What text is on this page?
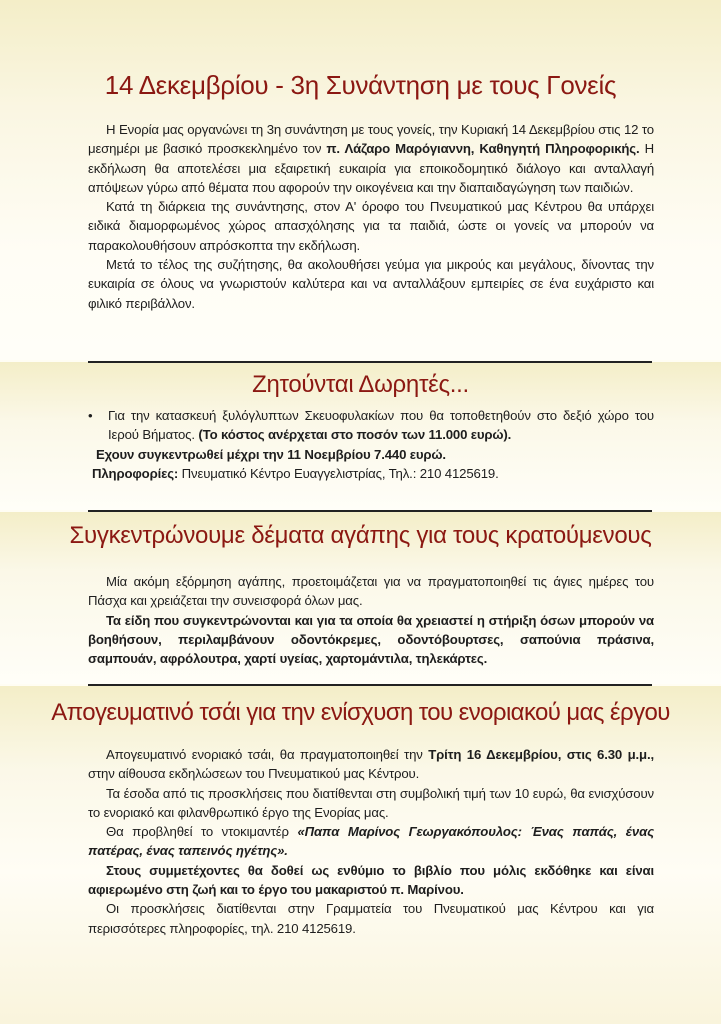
14 Δεκεμβρίου - 3η Συνάντηση με τους Γονείς

Η Ενορία μας οργανώνει τη 3η συνάντηση με τους γονείς, την Κυριακή 14 Δεκεμβρίου στις 12 το μεσημέρι με βασικό προσκεκλημένο τον π. Λάζαρο Μαρόγιαννη, Καθηγητή Πληροφορικής. Η εκδήλωση θα αποτελέσει μια εξαιρετική ευκαιρία για εποικοδομητικό διάλογο και ανταλλαγή απόψεων γύρω από θέματα που αφορούν την οικογένεια και την διαπαιδαγώγηση των παιδιών.

Κατά τη διάρκεια της συνάντησης, στον Α' όροφο του Πνευματικού μας Κέντρου θα υπάρχει ειδικά διαμορφωμένος χώρος απασχόλησης για τα παιδιά, ώστε οι γονείς να μπορούν να παρακολουθήσουν απρόσκοπτα την εκδήλωση.

Μετά το τέλος της συζήτησης, θα ακολουθήσει γεύμα για μικρούς και μεγάλους, δίνοντας την ευκαιρία σε όλους να γνωριστούν καλύτερα και να ανταλλάξουν εμπειρίες σε ένα ευχάριστο και φιλικό περιβάλλον.

Ζητούνται Δωρητές...

• Για την κατασκευή ξυλόγλυπτων Σκευοφυλακίων που θα τοποθετηθούν στο δεξιό χώρο του Ιερού Βήματος. (Το κόστος ανέρχεται στο ποσόν των 11.000 ευρώ).

Εχουν συγκεντρωθεί μέχρι την 11 Νοεμβρίου 7.440 ευρώ.

Πληροφορίες: Πνευματικό Κέντρο Ευαγγελιστρίας, Τηλ.: 210 4125619.

Συγκεντρώνουμε δέματα αγάπης για τους κρατούμενους

Μία ακόμη εξόρμηση αγάπης, προετοιμάζεται για να πραγματοποιηθεί τις άγιες ημέρες του Πάσχα και χρειάζεται την συνεισφορά όλων μας.

Τα είδη που συγκεντρώνονται και για τα οποία θα χρειαστεί η στήριξη όσων μπορούν να βοηθήσουν, περιλαμβάνουν οδοντόκρεμες, οδοντόβουρτσες, σαπούνια πράσινα, σαμπουάν, αφρόλουτρα, χαρτί υγείας, χαρτομάντιλα, τηλεκάρτες.

Απογευματινό τσάι για την ενίσχυση του ενοριακού μας έργου

Απογευματινό ενοριακό τσάι, θα πραγματοποιηθεί την Τρίτη 16 Δεκεμβρίου, στις 6.30 μ.μ., στην αίθουσα εκδηλώσεων του Πνευματικού μας Κέντρου.

Τα έσοδα από τις προσκλήσεις που διατίθενται στη συμβολική τιμή των 10 ευρώ, θα ενισχύσουν το ενοριακό και φιλανθρωπικό έργο της Ενορίας μας.

Θα προβληθεί το ντοκιμαντέρ «Παπα Μαρίνος Γεωργακόπουλος: Ένας παπάς, ένας πατέρας, ένας ταπεινός ηγέτης».

Στους συμμετέχοντες θα δοθεί ως ενθύμιο το βιβλίο που μόλις εκδόθηκε και είναι αφιερωμένο στη ζωή και το έργο του μακαριστού π. Μαρίνου.

Οι προσκλήσεις διατίθενται στην Γραμματεία του Πνευματικού μας Κέντρου και για περισσότερες πληροφορίες, τηλ. 210 4125619.
